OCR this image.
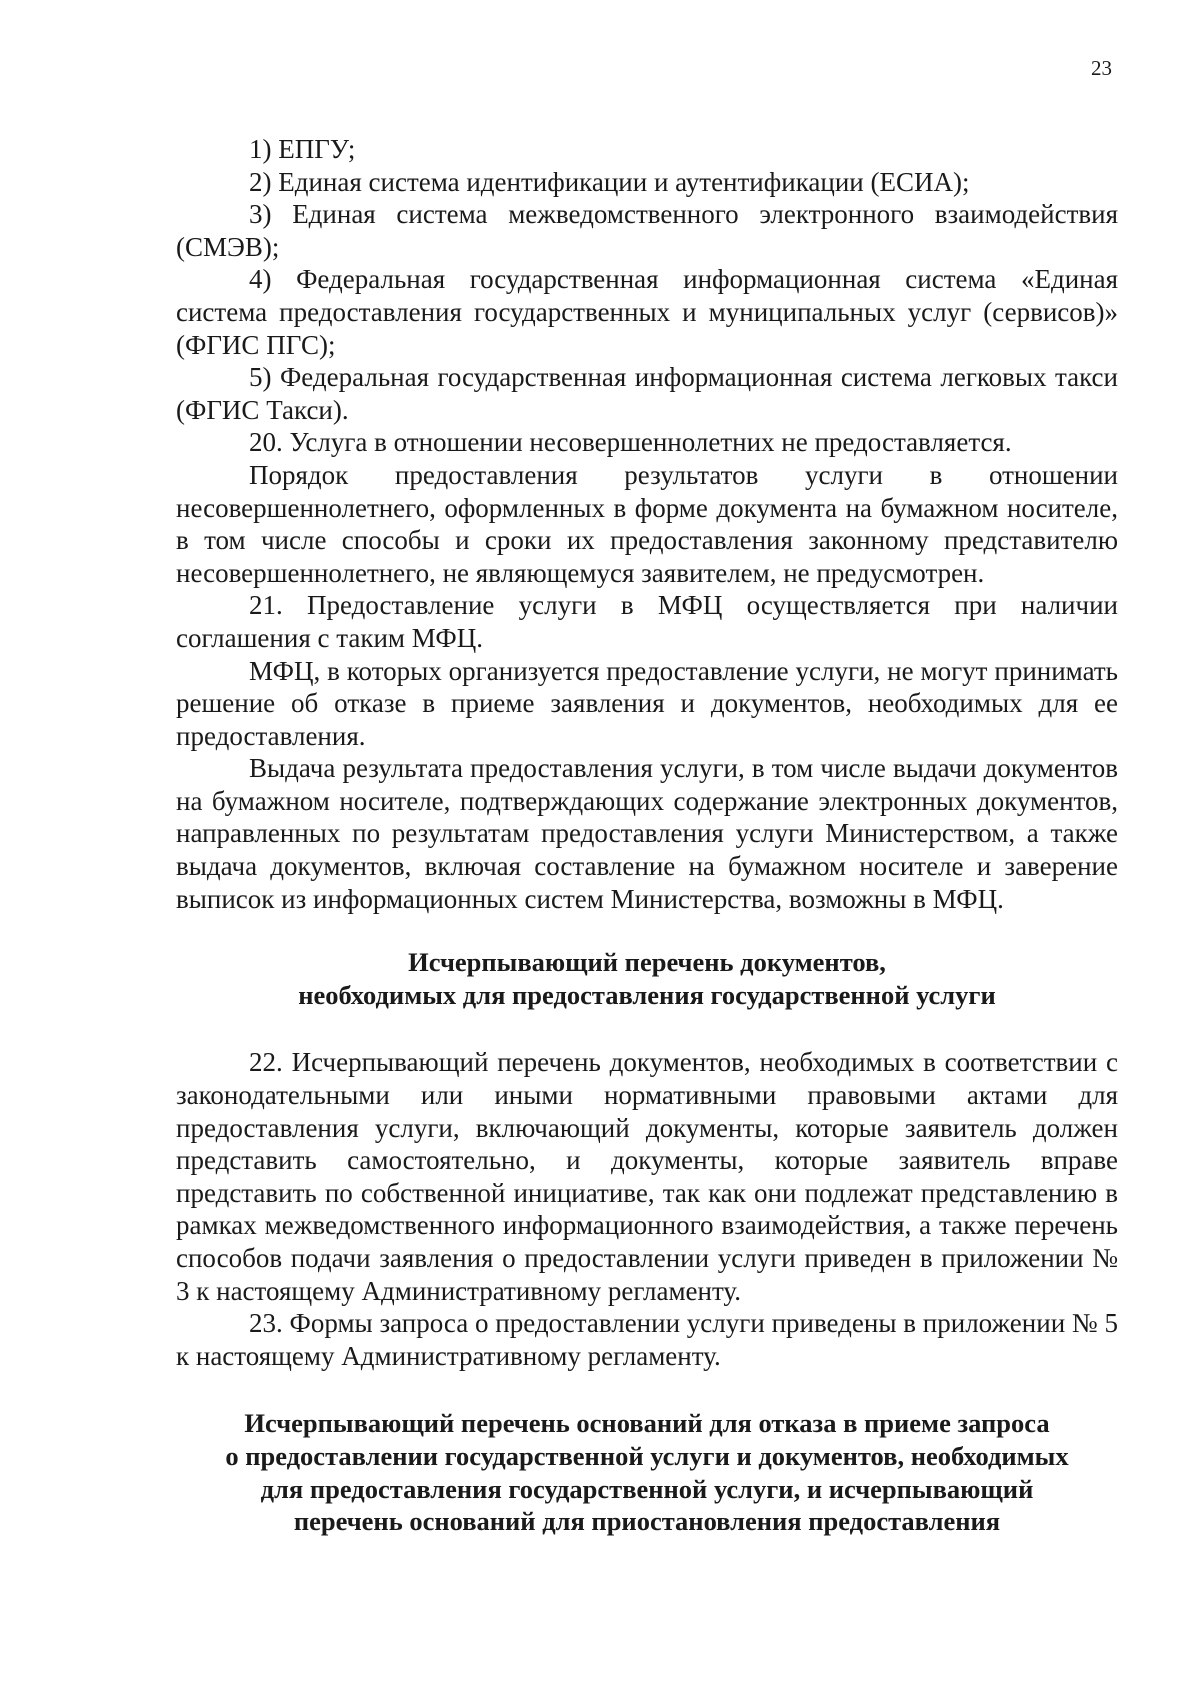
23

1) ЕПГУ;

2) Единая система идентификации и аутентификации (ЕСИА);

3) Единая система межведомственного электронного взаимодействия (СМЭВ);

4) Федеральная государственная информационная система «Единая система предоставления государственных и муниципальных услуг (сервисов)» (ФГИС ПГС);

5) Федеральная государственная информационная система легковых такси (ФГИС Такси).

20. Услуга в отношении несовершеннолетних не предоставляется.

Порядок предоставления результатов услуги в отношении несовершеннолетнего, оформленных в форме документа на бумажном носителе, в том числе способы и сроки их предоставления законному представителю несовершеннолетнего, не являющемуся заявителем, не предусмотрен.

21. Предоставление услуги в МФЦ осуществляется при наличии соглашения с таким МФЦ.

МФЦ, в которых организуется предоставление услуги, не могут принимать решение об отказе в приеме заявления и документов, необходимых для ее предоставления.

Выдача результата предоставления услуги, в том числе выдачи документов на бумажном носителе, подтверждающих содержание электронных документов, направленных по результатам предоставления услуги Министерством, а также выдача документов, включая составление на бумажном носителе и заверение выписок из информационных систем Министерства, возможны в МФЦ.

Исчерпывающий перечень документов,
необходимых для предоставления государственной услуги

22. Исчерпывающий перечень документов, необходимых в соответствии с законодательными или иными нормативными правовыми актами для предоставления услуги, включающий документы, которые заявитель должен представить самостоятельно, и документы, которые заявитель вправе представить по собственной инициативе, так как они подлежат представлению в рамках межведомственного информационного взаимодействия, а также перечень способов подачи заявления о предоставлении услуги приведен в приложении № 3 к настоящему Административному регламенту.

23. Формы запроса о предоставлении услуги приведены в приложении № 5 к настоящему Административному регламенту.

Исчерпывающий перечень оснований для отказа в приеме запроса
о предоставлении государственной услуги и документов, необходимых
для предоставления государственной услуги, и исчерпывающий
перечень оснований для приостановления предоставления
